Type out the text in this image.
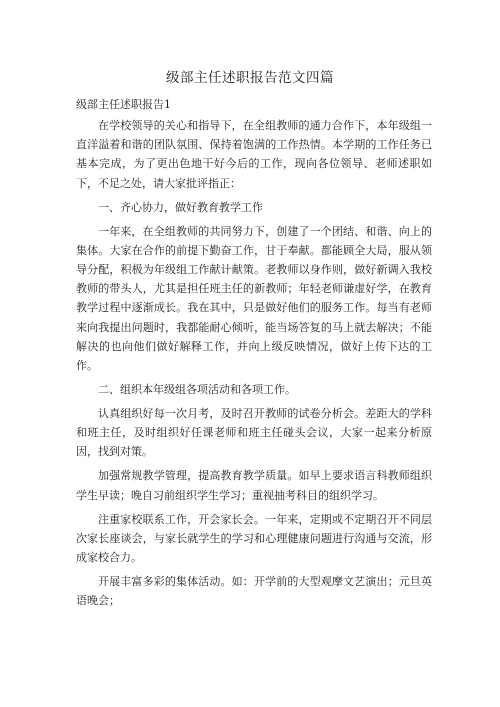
级部主任述职报告范文四篇
级部主任述职报告1

在学校领导的关心和指导下，在全组教师的通力合作下，本年级组一直洋溢着和谐的团队氛围、保持着饱满的工作热情。本学期的工作任务已基本完成，为了更出色地干好今后的工作，现向各位领导、老师述职如下，不足之处，请大家批评指正：

一、齐心协力，做好教育教学工作

一年来，在全组教师的共同努力下，创建了一个团结、和谐、向上的集体。大家在合作的前提下勤奋工作，甘于奉献。都能顾全大局，服从领导分配，积极为年级组工作献计献策。老教师以身作则，做好新调入我校教师的带头人，尤其是担任班主任的新教师；年轻老师谦虚好学，在教育教学过程中逐渐成长。我在其中，只是做好他们的服务工作。每当有老师来向我提出问题时，我都能耐心倾听，能当场答复的马上就去解决；不能解决的也向他们做好解释工作，并向上级反映情况，做好上传下达的工作。

二、组织本年级组各项活动和各项工作。

认真组织好每一次月考，及时召开教师的试卷分析会。差距大的学科和班主任，及时组织好任课老师和班主任碰头会议，大家一起来分析原因，找到对策。

加强常规教学管理，提高教育教学质量。如早上要求语言科教师组织学生早读；晚自习前组织学生学习；重视抽考科目的组织学习。

注重家校联系工作，开会家长会。一年来，定期或不定期召开不同层次家长座谈会，与家长就学生的学习和心理健康问题进行沟通与交流，形成家校合力。

开展丰富多彩的集体活动。如：开学前的大型观摩文艺演出；元旦英语晚会；
